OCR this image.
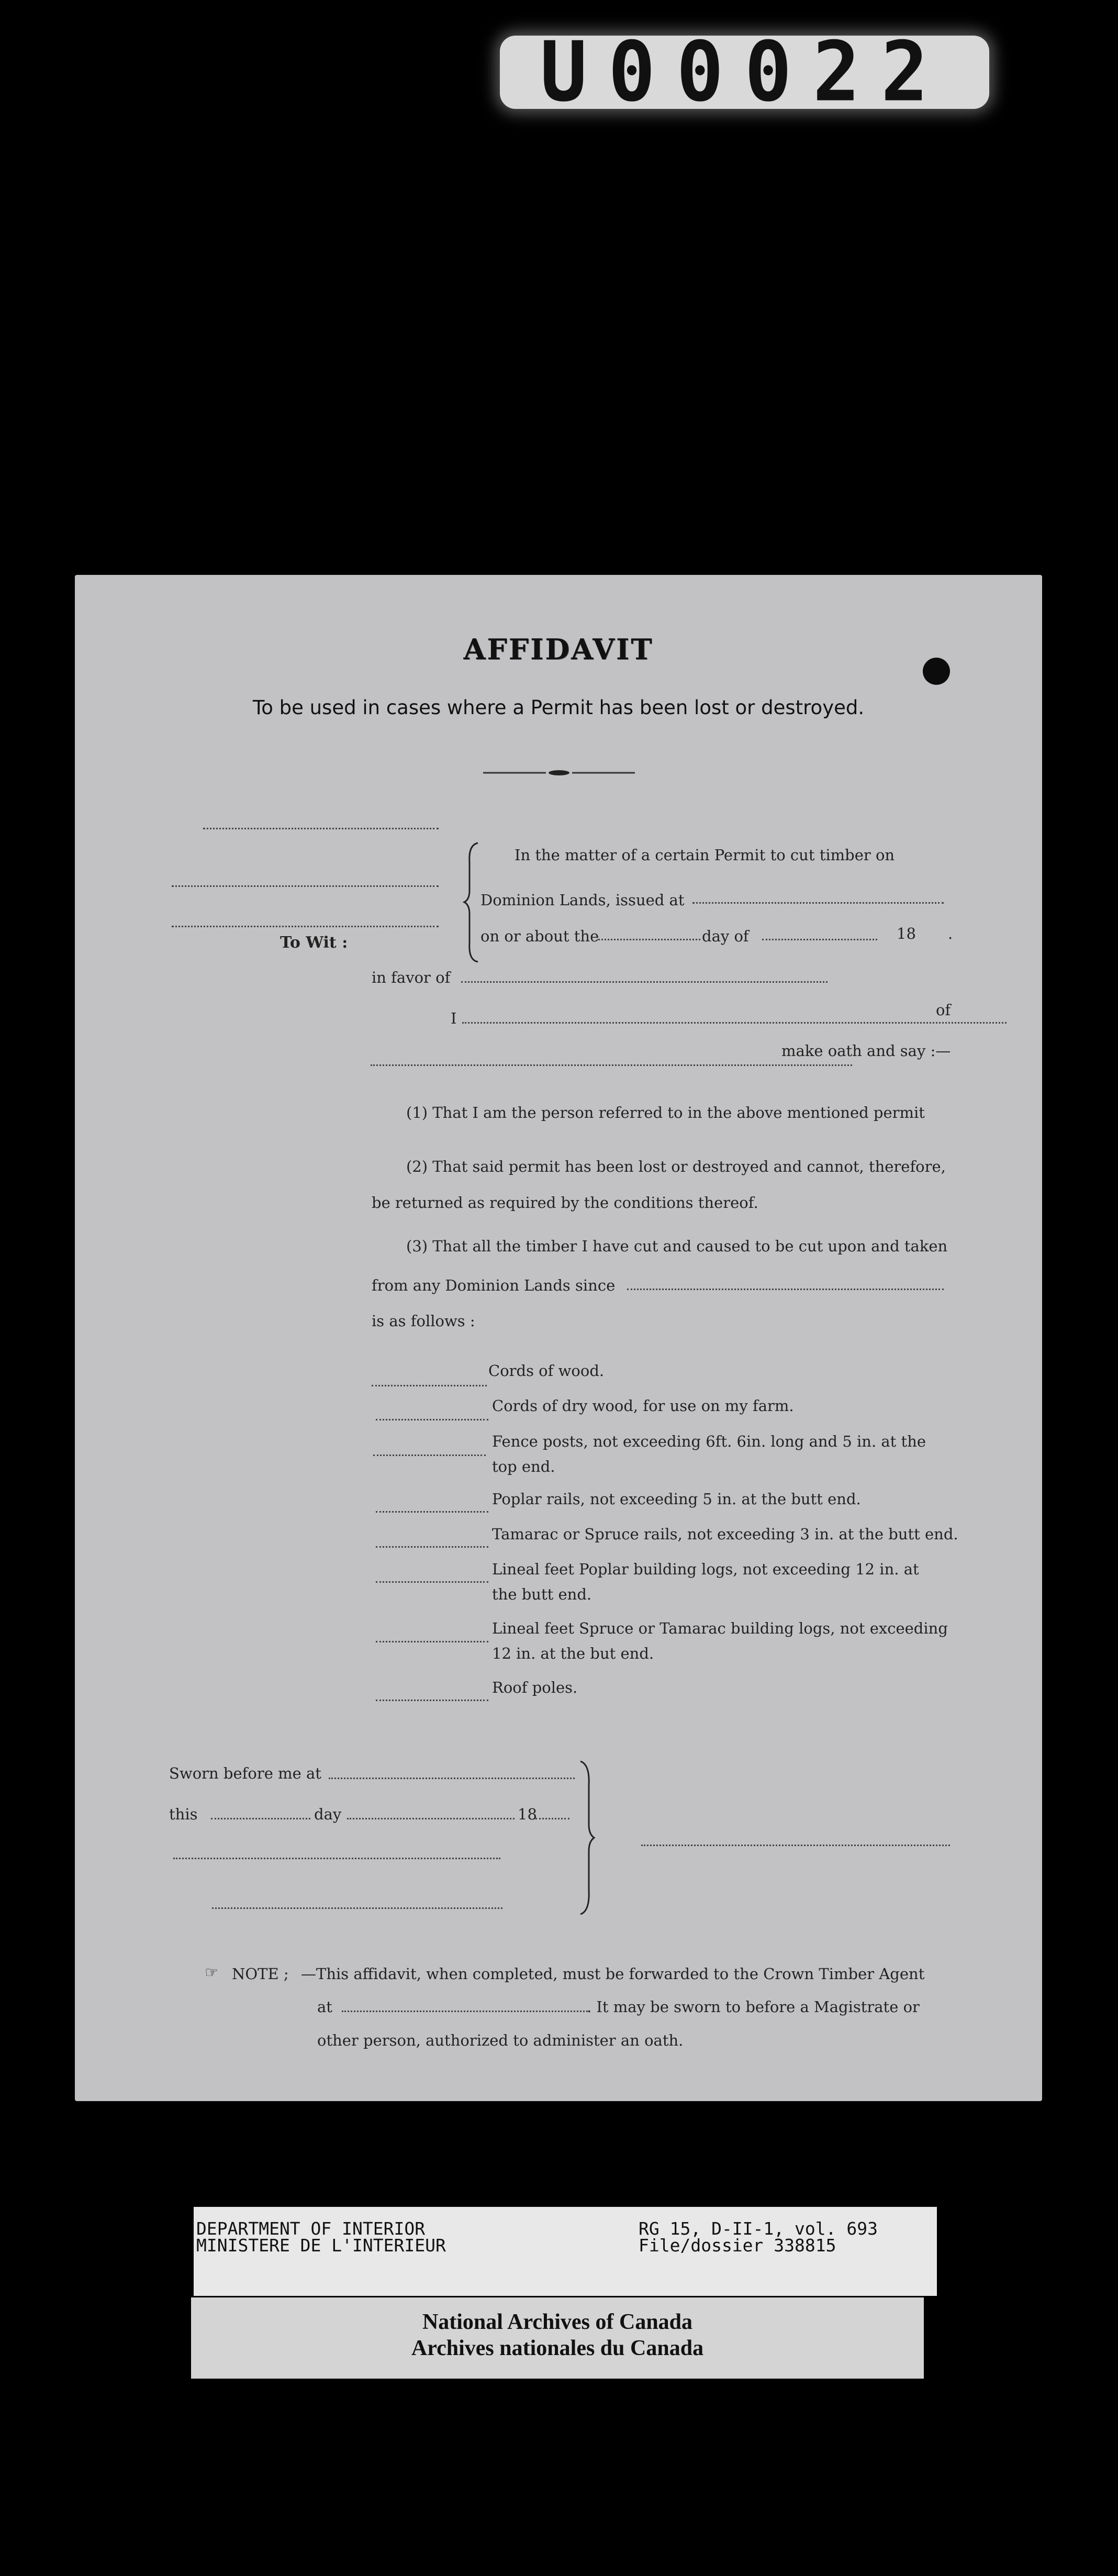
U00022
AFFIDAVIT
To be used in cases where a Permit has been lost or destroyed.
To Wit :
In the matter of a certain Permit to cut timber on
Dominion Lands, issued at
on or about the	day of	18 .
in favor of
I	of
make oath and say :—
(1) That I am the person referred to in the above mentioned permit
(2) That said permit has been lost or destroyed and cannot, therefore,
be returned as required by the conditions thereof.
(3) That all the timber I have cut and caused to be cut upon and taken
from any Dominion Lands since
is as follows :
Cords of wood.
Cords of dry wood, for use on my farm.
Fence posts, not exceeding 6ft. 6in. long and 5 in. at the
top end.
Poplar rails, not exceeding 5 in. at the butt end.
Tamarac or Spruce rails, not exceeding 3 in. at the butt end.
Lineal feet Poplar building logs, not exceeding 12 in. at
the butt end.
Lineal feet Spruce or Tamarac building logs, not exceeding
12 in. at the but end.
Roof poles.
Sworn before me at
this	day	18
☞ NOTE ; —This affidavit, when completed, must be forwarded to the Crown Timber Agent
at	. It may be sworn to before a Magistrate or
other person, authorized to administer an oath.
DEPARTMENT OF INTERIOR
MINISTERE DE L'INTERIEUR
RG 15, D-II-1, vol. 693
File/dossier 338815
National Archives of Canada
Archives nationales du Canada
